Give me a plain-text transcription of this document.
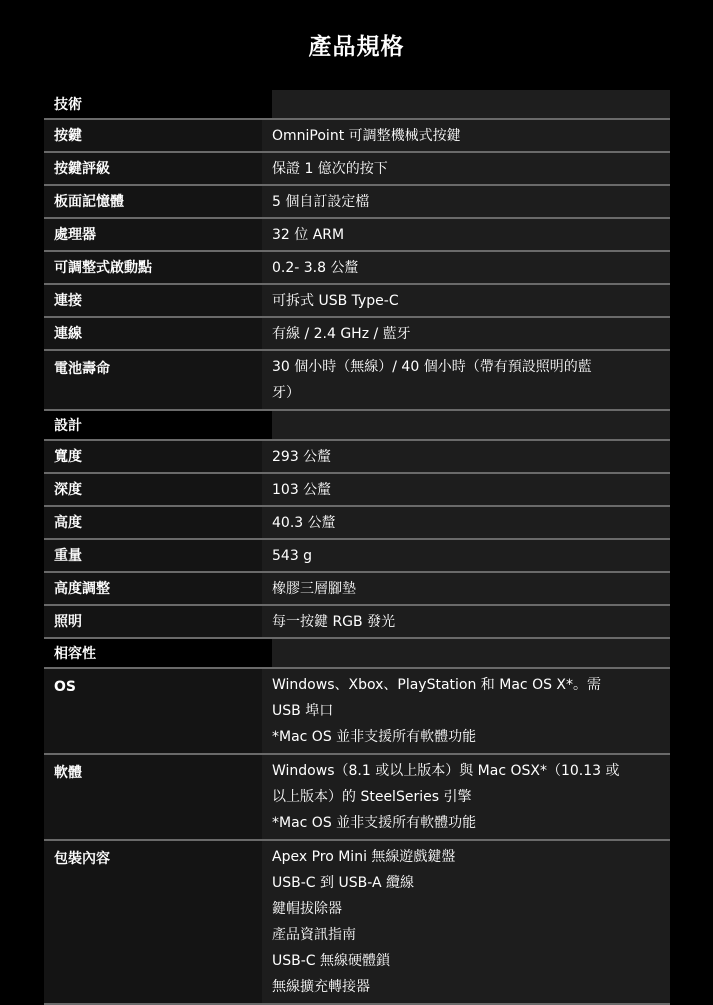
產品規格
技術
按鍵	OmniPoint 可調整機械式按鍵
按鍵評級	保證 1 億次的按下
板面記憶體	5 個自訂設定檔
處理器	32 位 ARM
可調整式啟動點	0.2- 3.8 公釐
連接	可拆式 USB Type-C
連線	有線 / 2.4 GHz / 藍牙
電池壽命	30 個小時（無線）/ 40 個小時（帶有預設照明的藍
牙）
設計
寬度	293 公釐
深度	103 公釐
高度	40.3 公釐
重量	543 g
高度調整	橡膠三層腳墊
照明	每一按鍵 RGB 發光
相容性
OS	Windows、Xbox、PlayStation 和 Mac OS X*。需
USB 埠口
*Mac OS 並非支援所有軟體功能
軟體	Windows（8.1 或以上版本）與 Mac OSX*（10.13 或
以上版本）的 SteelSeries 引擎
*Mac OS 並非支援所有軟體功能
包裝內容	Apex Pro Mini 無線遊戲鍵盤
USB-C 到 USB-A 纜線
鍵帽拔除器
產品資訊指南
USB-C 無線硬體鎖
無線擴充轉接器
